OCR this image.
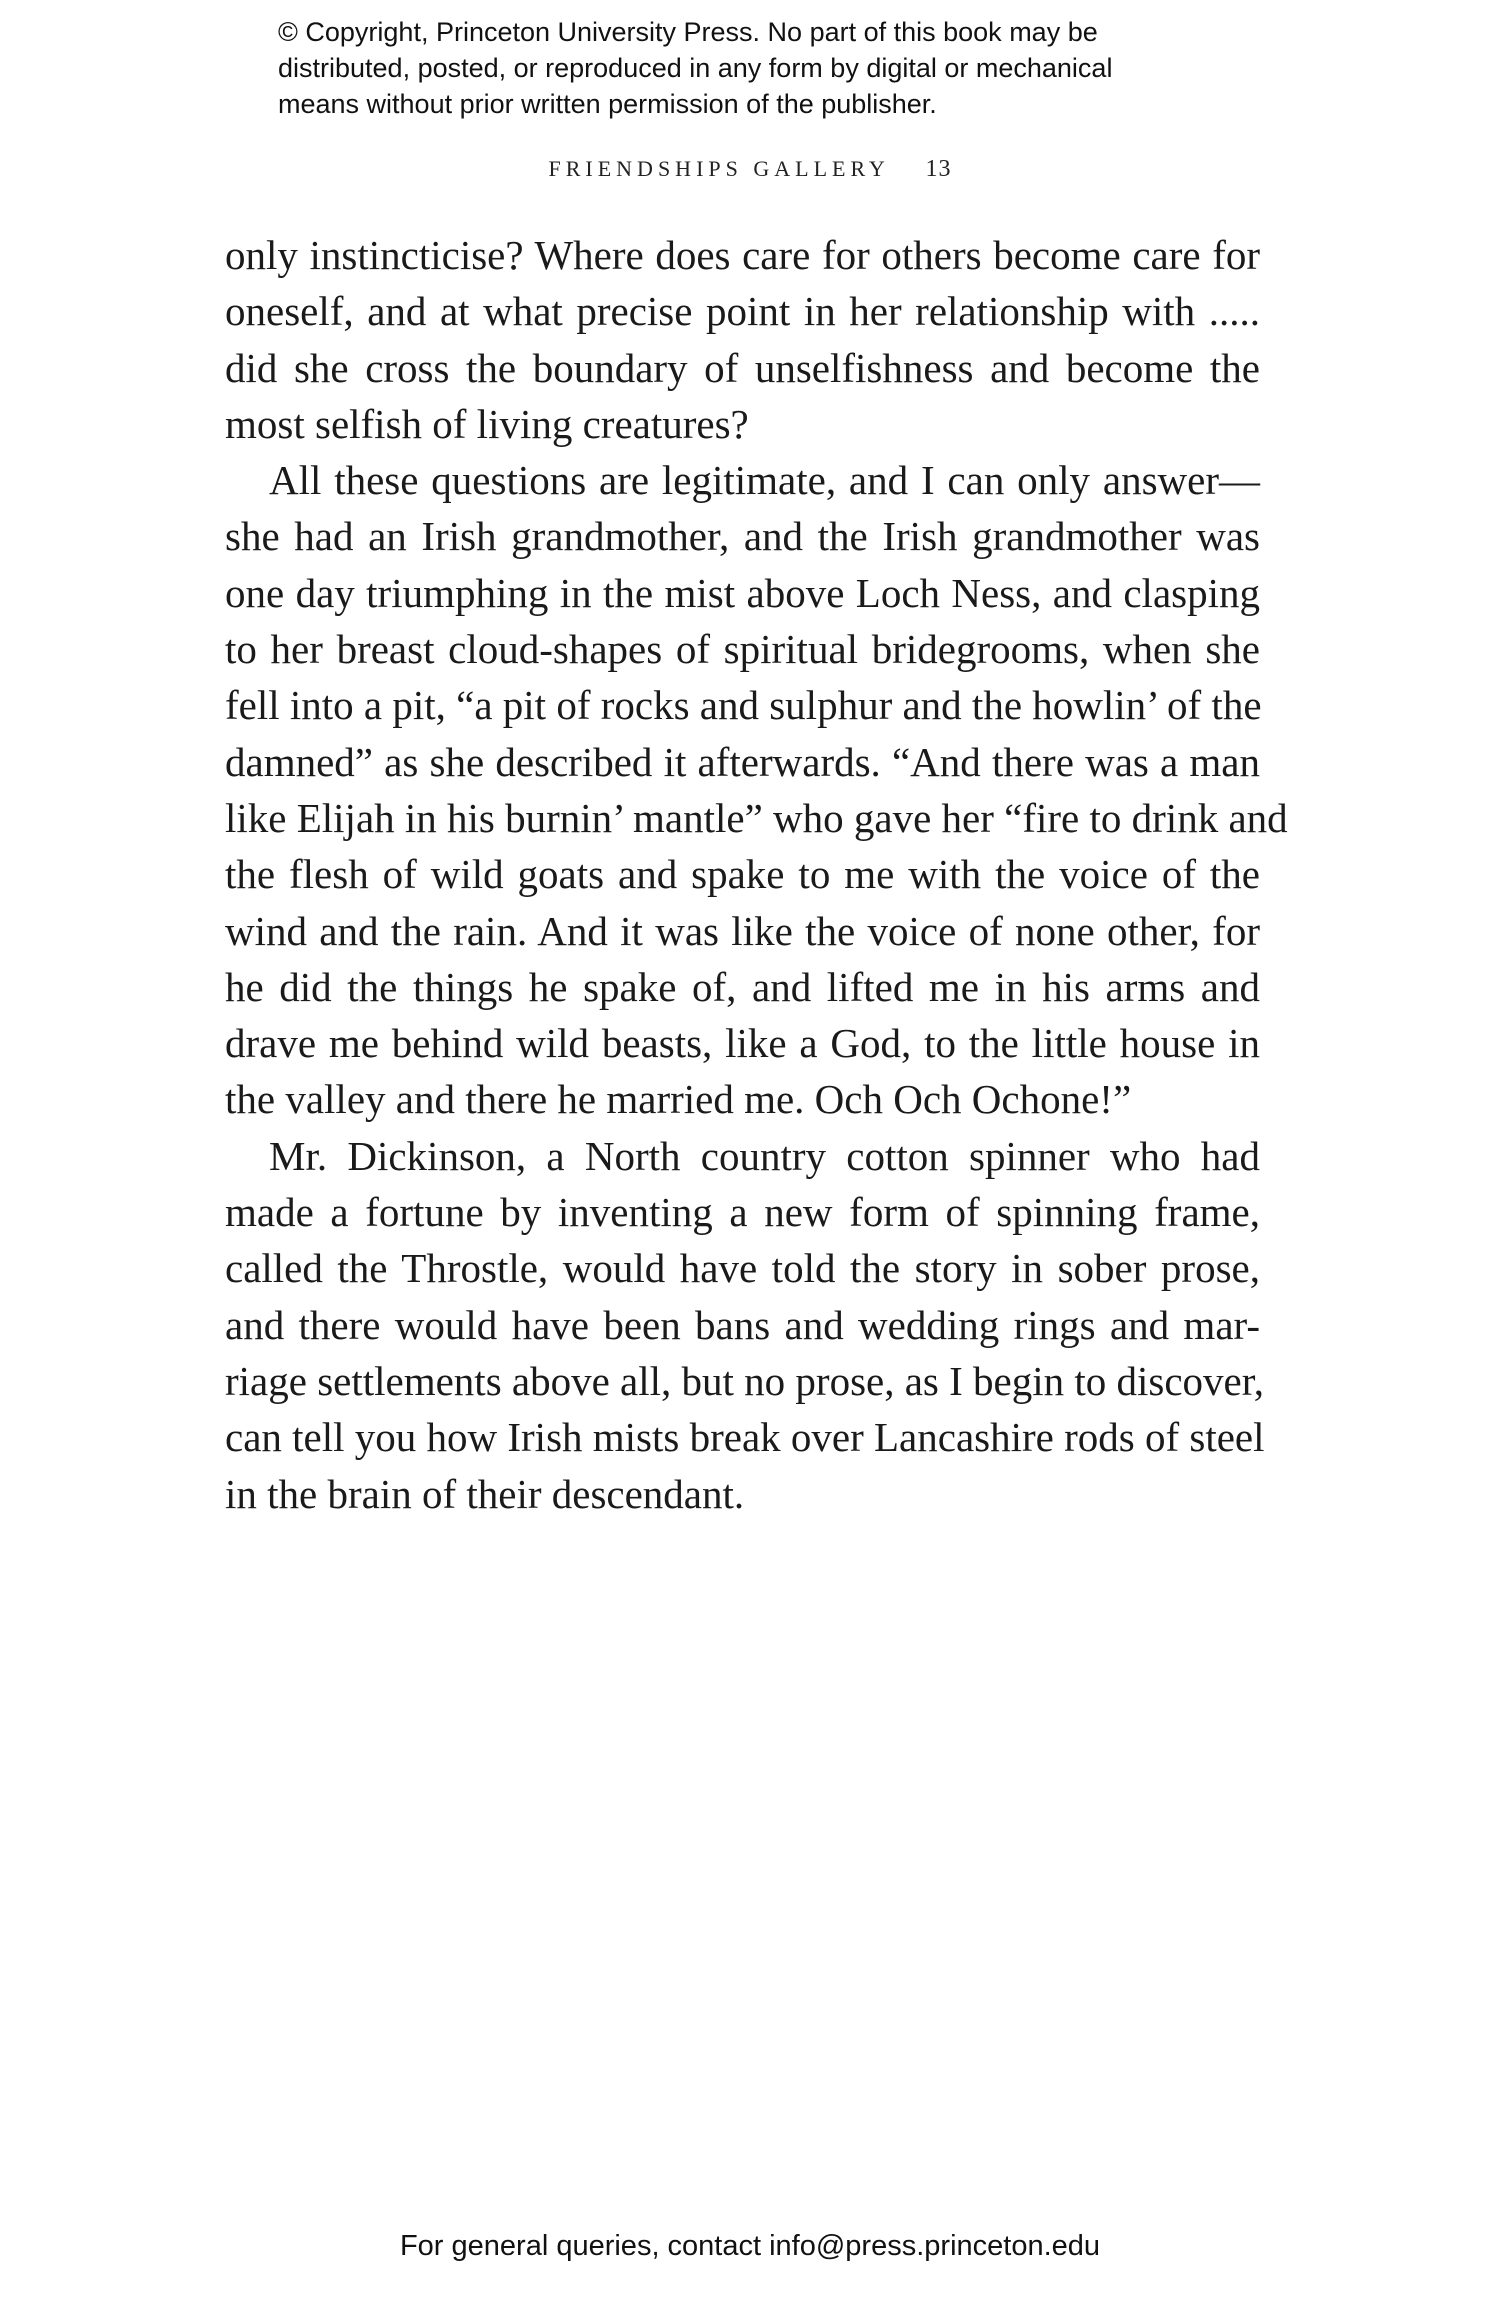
© Copyright, Princeton University Press. No part of this book may be
distributed, posted, or reproduced in any form by digital or mechanical
means without prior written permission of the publisher.
FRIENDSHIPS GALLERY 13

only instincticise? Where does care for others become care for
oneself, and at what precise point in her relationship with .....
did she cross the boundary of unselfishness and become the
most selfish of living creatures?

All these questions are legitimate, and I can only answer—
she had an Irish grandmother, and the Irish grandmother was
one day triumphing in the mist above Loch Ness, and clasping
to her breast cloud-shapes of spiritual bridegrooms, when she
fell into a pit, “a pit of rocks and sulphur and the howlin’ of the
damned” as she described it afterwards. “And there was a man
like Elijah in his burnin’ mantle” who gave her “fire to drink and
the flesh of wild goats and spake to me with the voice of the
wind and the rain. And it was like the voice of none other, for
he did the things he spake of, and lifted me in his arms and
drave me behind wild beasts, like a God, to the little house in
the valley and there he married me. Och Och Ochone!”

Mr. Dickinson, a North country cotton spinner who had
made a fortune by inventing a new form of spinning frame,
called the Throstle, would have told the story in sober prose,
and there would have been bans and wedding rings and mar-
riage settlements above all, but no prose, as I begin to discover,
can tell you how Irish mists break over Lancashire rods of steel
in the brain of their descendant.

For general queries, contact info@press.princeton.edu
